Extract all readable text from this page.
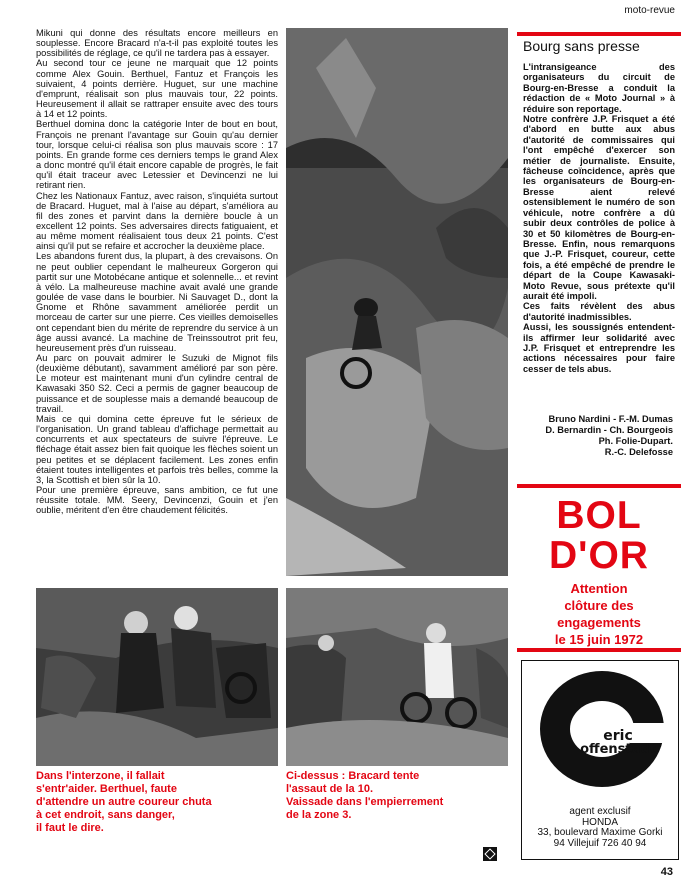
moto-revue

Mikuni qui donne des résultats encore meilleurs en souplesse. Encore Bracard n'a-t-il pas exploité toutes les possibilités de réglage, ce qu'il ne tardera pas à essayer.

Au second tour ce jeune ne marquait que 12 points comme Alex Gouin. Berthuel, Fantuz et François les suivaient, 4 points derrière. Huguet, sur une machine d'emprunt, réalisait son plus mauvais tour, 22 points. Heureusement il allait se rattraper ensuite avec des tours à 14 et 12 points.

Berthuel domina donc la catégorie Inter de bout en bout, François ne prenant l'avantage sur Gouin qu'au dernier tour, lorsque celui-ci réalisa son plus mauvais score : 17 points. En grande forme ces derniers temps le grand Alex a donc montré qu'il était encore capable de progrès, le fait qu'il était traceur avec Letessier et Devincenzi ne lui retirant rien.

Chez les Nationaux Fantuz, avec raison, s'inquiéta surtout de Bracard. Huguet, mal à l'aise au départ, s'améliora au fil des zones et parvint dans la dernière boucle à un excellent 12 points. Ses adversaires directs fatiguaient, et au même moment réalisaient tous deux 21 points. C'est ainsi qu'il put se refaire et accrocher la deuxième place.

Les abandons furent dus, la plupart, à des crevaisons. On ne peut oublier cependant le malheureux Gorgeron qui partit sur une Motobécane antique et solennelle... et revint à vélo. La malheureuse machine avait avalé une grande goulée de vase dans le bourbier. Ni Sauvaget D., dont la Gnome et Rhône savamment améliorée perdit un morceau de carter sur une pierre. Ces vieilles demoiselles ont cependant bien du mérite de reprendre du service à un âge aussi avancé. La machine de Treinssoutrot prit feu, heureusement près d'un ruisseau.

Au parc on pouvait admirer le Suzuki de Mignot fils (deuxième débutant), savamment amélioré par son père. Le moteur est maintenant muni d'un cylindre central de Kawasaki 350 S2. Ceci a permis de gagner beaucoup de puissance et de souplesse mais a demandé beaucoup de travail.

Mais ce qui domina cette épreuve fut le sérieux de l'organisation. Un grand tableau d'affichage permettait au concurrents et aux spectateurs de suivre l'épreuve. Le fléchage était assez bien fait quoique les flèches soient un peu petites et se déplacent facilement. Les zones enfin étaient toutes intelligentes et parfois très belles, comme la 3, la Scottish et bien sûr la 10.

Pour une première épreuve, sans ambition, ce fut une réussite totale. MM. Seery, Devincenzi, Gouin et j'en oublie, méritent d'en être chaudement félicités.

Dans l'interzone, il fallait

s'entr'aider. Berthuel, faute

d'attendre un autre coureur chuta

à cet endroit, sans danger,

il faut le dire.

Ci-dessus : Bracard tente

l'assaut de la 10.

Vaissade dans l'empierrement

de la zone 3.

Bourg sans presse

L'intransigeance des organisateurs du circuit de Bourg-en-Bresse a conduit la rédaction de « Moto Journal » à réduire son reportage.

Notre confrère J.P. Frisquet a été d'abord en butte aux abus d'autorité de commissaires qui l'ont empêché d'exercer son métier de journaliste. Ensuite, fâcheuse coïncidence, après que les organisateurs de Bourg-en-Bresse aient relevé ostensiblement le numéro de son véhicule, notre confrère a dû subir deux contrôles de police à 30 et 50 kilomètres de Bourg-en-Bresse. Enfin, nous remarquons que J.-P. Frisquet, coureur, cette fois, a été empêché de prendre le départ de la Coupe Kawasaki-Moto Revue, sous prétexte qu'il aurait été impoli.

Ces faits révèlent des abus d'autorité inadmissibles.

Aussi, les soussignés entendent-ils affirmer leur solidarité avec J.P. Frisquet et entreprendre les actions nécessaires pour faire cesser de tels abus.

Bruno Nardini - F.-M. Dumas
D. Bernardin - Ch. Bourgeois
Ph. Folie-Dupart.
R.-C. Delefosse
BOL
D'OR
Attention
clôture des
engagements
le 15 juin 1972
eric
offenstadt
agent exclusif
HONDA
33, boulevard Maxime Gorki
94 Villejuif 726 40 94
43
